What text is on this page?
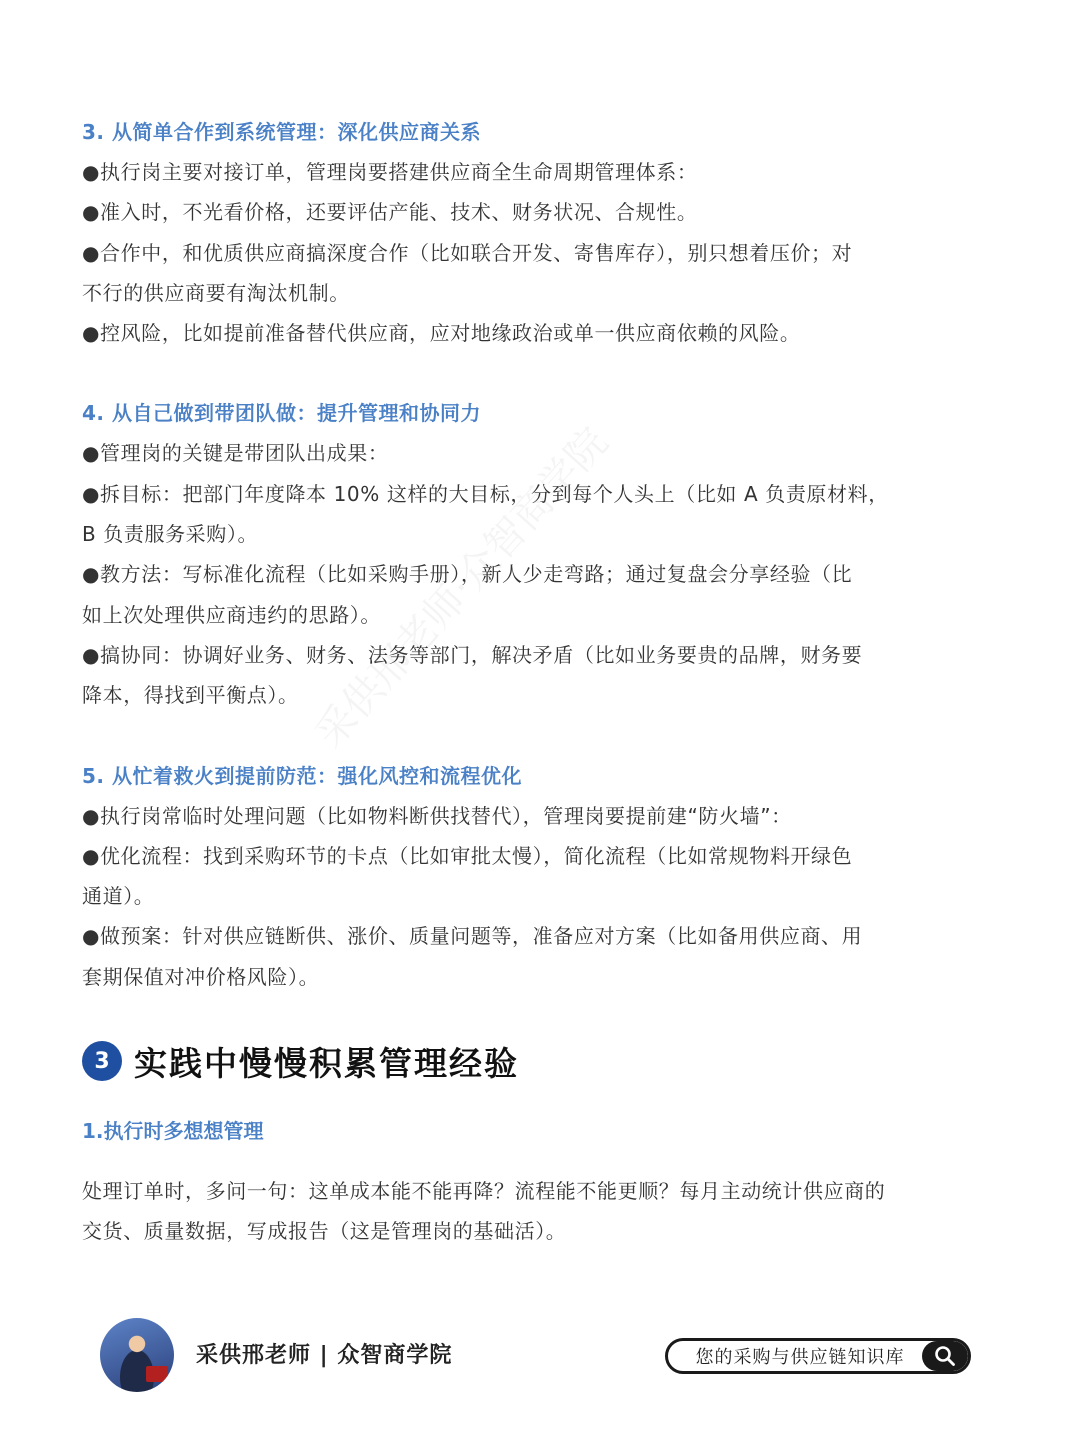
3. 从简单合作到系统管理：深化供应商关系

●执行岗主要对接订单，管理岗要搭建供应商全生命周期管理体系：

●准入时，不光看价格，还要评估产能、技术、财务状况、合规性。

●合作中，和优质供应商搞深度合作（比如联合开发、寄售库存），别只想着压价；对

不行的供应商要有淘汰机制。

●控风险，比如提前准备替代供应商，应对地缘政治或单一供应商依赖的风险。

4. 从自己做到带团队做：提升管理和协同力

●管理岗的关键是带团队出成果：

●拆目标：把部门年度降本 10% 这样的大目标，分到每个人头上（比如 A 负责原材料，

B 负责服务采购）。

●教方法：写标准化流程（比如采购手册），新人少走弯路；通过复盘会分享经验（比

如上次处理供应商违约的思路）。

●搞协同：协调好业务、财务、法务等部门，解决矛盾（比如业务要贵的品牌，财务要

降本，得找到平衡点）。

5. 从忙着救火到提前防范：强化风控和流程优化

●执行岗常临时处理问题（比如物料断供找替代），管理岗要提前建“防火墙”：

●优化流程：找到采购环节的卡点（比如审批太慢），简化流程（比如常规物料开绿色

通道）。

●做预案：针对供应链断供、涨价、质量问题等，准备应对方案（比如备用供应商、用

套期保值对冲价格风险）。

3 实践中慢慢积累管理经验
1.执行时多想想管理

处理订单时，多问一句：这单成本能不能再降？流程能不能更顺？每月主动统计供应商的

交货、质量数据，写成报告（这是管理岗的基础活）。

采供邢老师 | 众智商学院	您的采购与供应链知识库
